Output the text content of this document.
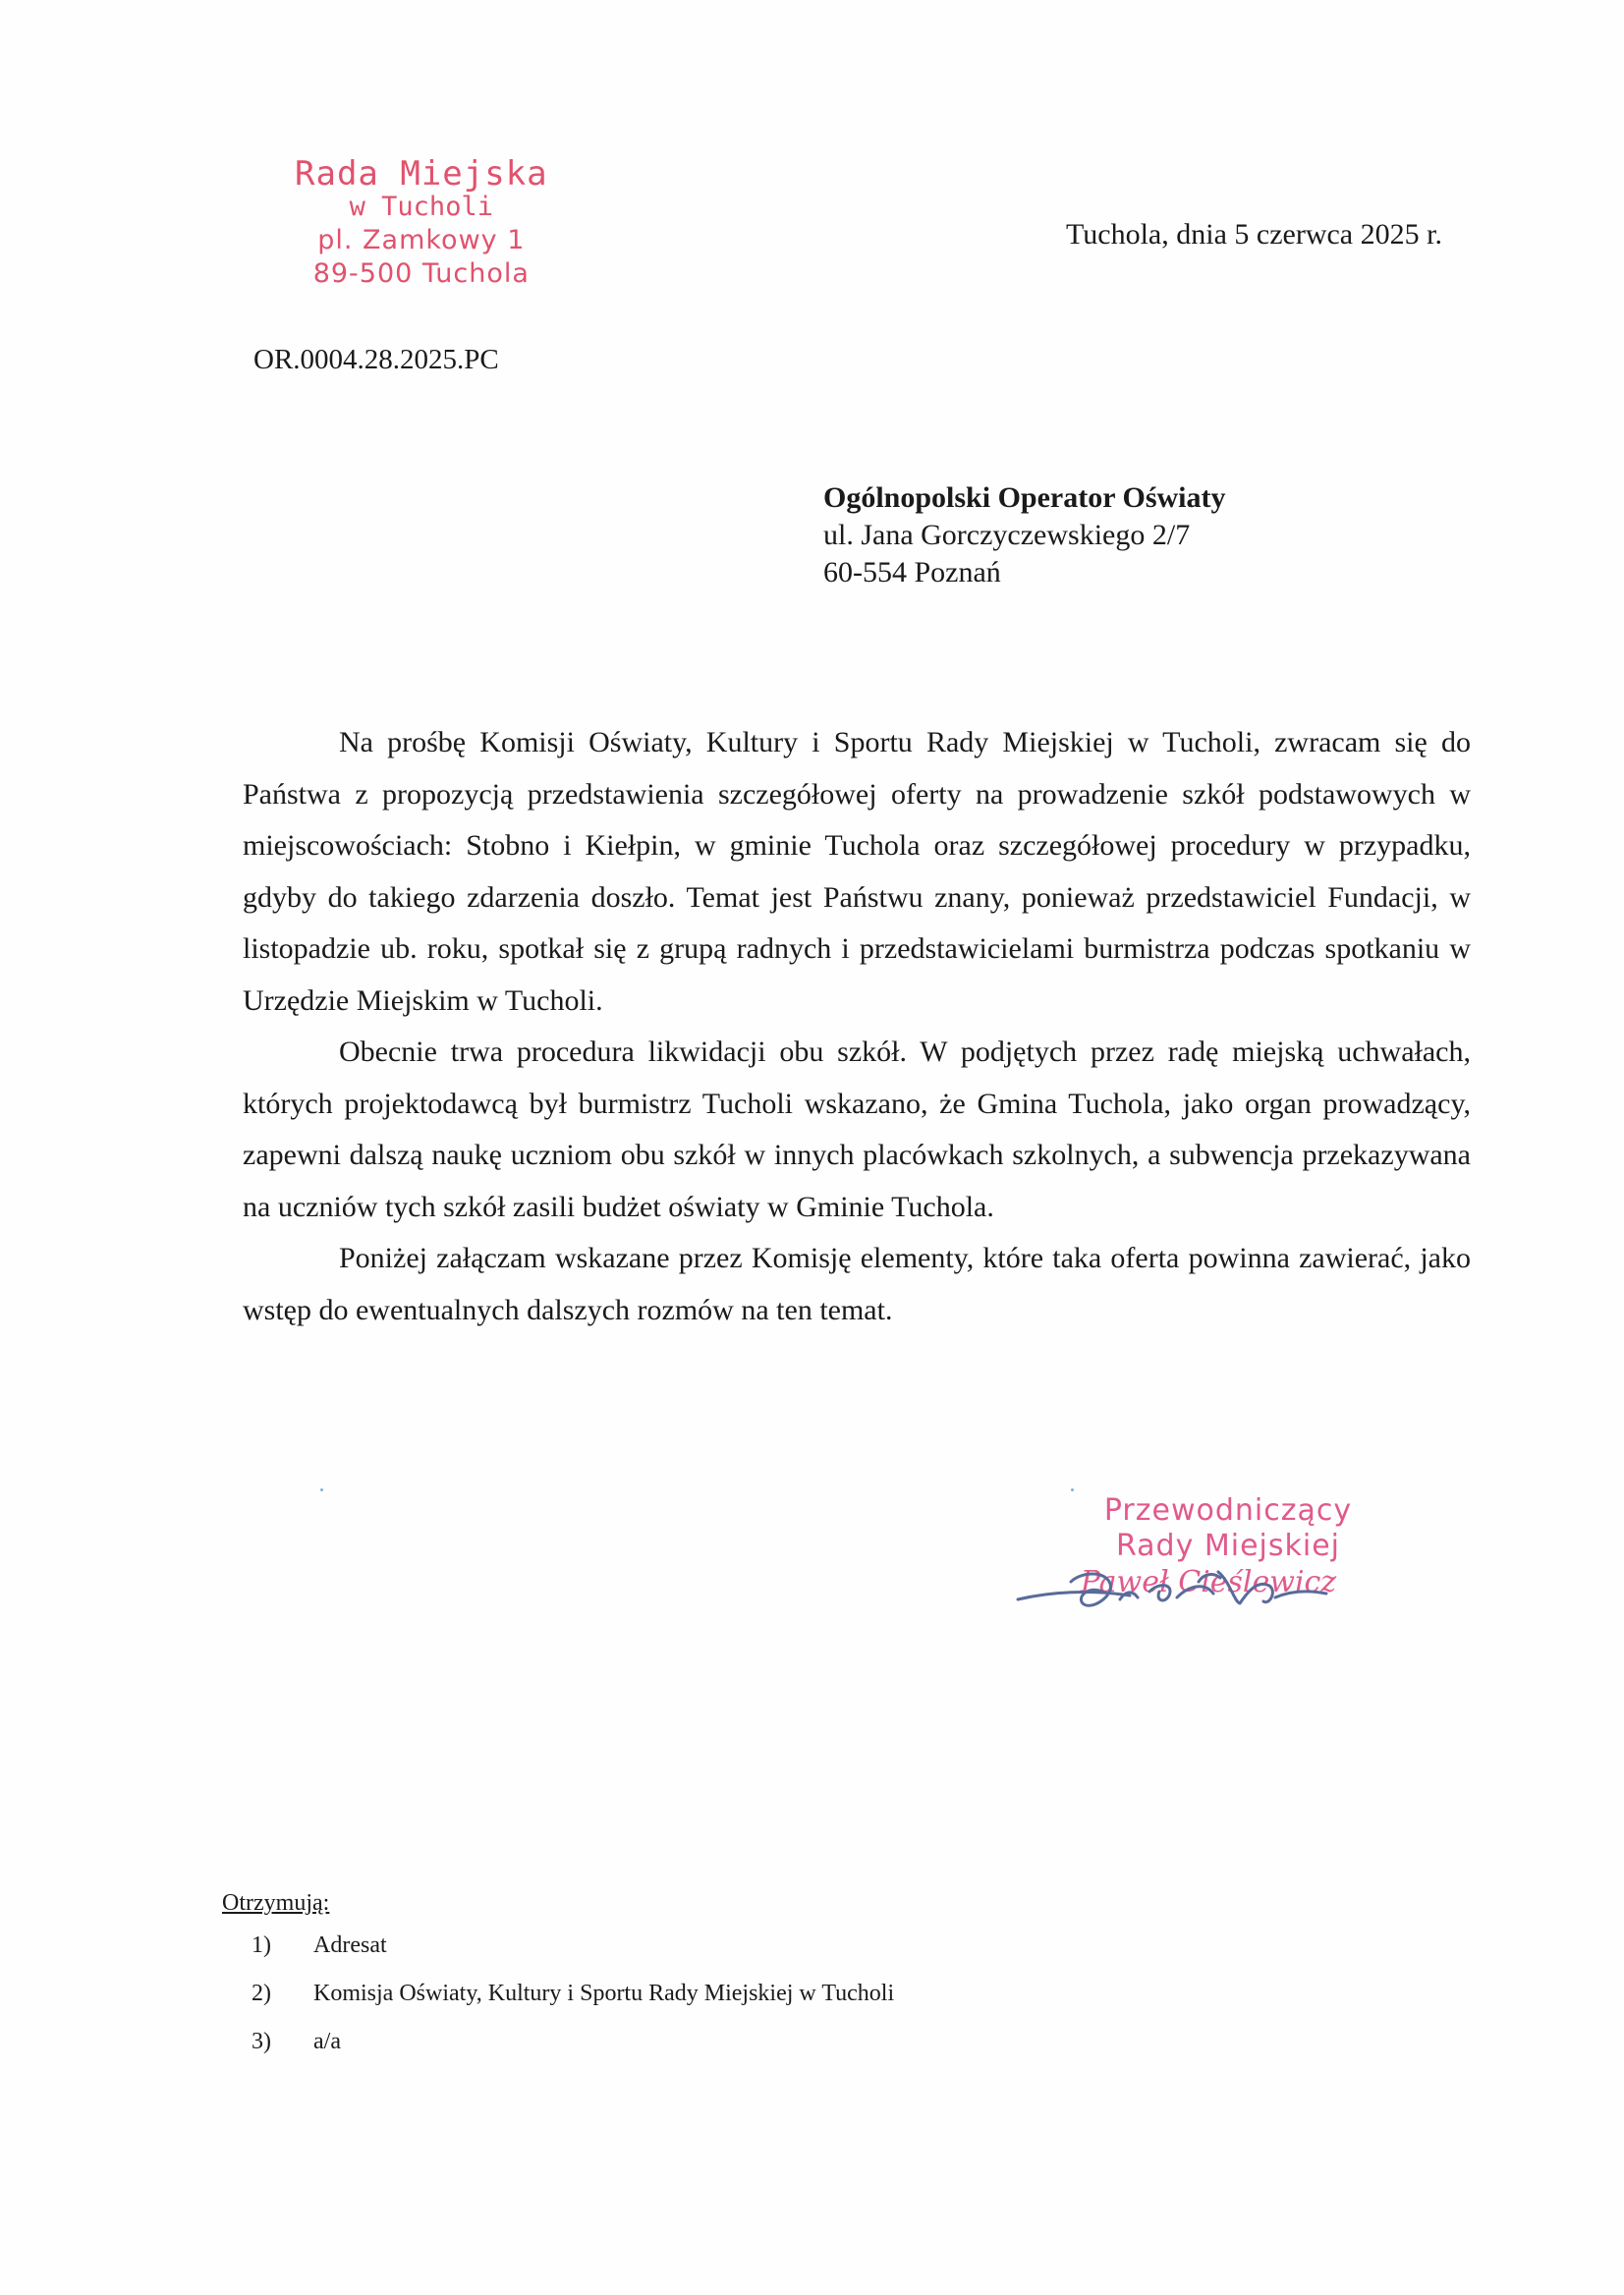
Rada Miejska
w Tucholi
pl. Zamkowy 1
89-500 Tuchola
Tuchola, dnia 5 czerwca 2025 r.
OR.0004.28.2025.PC
Ogólnopolski Operator Oświaty
ul. Jana Gorczyczewskiego 2/7
60-554 Poznań

Na prośbę Komisji Oświaty, Kultury i Sportu Rady Miejskiej w Tucholi, zwracam się do Państwa z propozycją przedstawienia szczegółowej oferty na prowadzenie szkół podstawowych w miejscowościach: Stobno i Kiełpin, w gminie Tuchola oraz szczegółowej procedury w przypadku, gdyby do takiego zdarzenia doszło. Temat jest Państwu znany, ponieważ przedstawiciel Fundacji, w listopadzie ub. roku, spotkał się z grupą radnych i przedstawicielami burmistrza podczas spotkaniu w Urzędzie Miejskim w Tucholi.

Obecnie trwa procedura likwidacji obu szkół. W podjętych przez radę miejską uchwałach, których projektodawcą był burmistrz Tucholi wskazano, że Gmina Tuchola, jako organ prowadzący, zapewni dalszą naukę uczniom obu szkół w innych placówkach szkolnych, a subwencja przekazywana na uczniów tych szkół zasili budżet oświaty w Gminie Tuchola.

Poniżej załączam wskazane przez Komisję elementy, które taka oferta powinna zawierać, jako wstęp do ewentualnych dalszych rozmów na ten temat.

Przewodniczący
Rady Miejskiej
Paweł Cieślewicz
Otrzymują:
1) Adresat
2) Komisja Oświaty, Kultury i Sportu Rady Miejskiej w Tucholi
3) a/a
